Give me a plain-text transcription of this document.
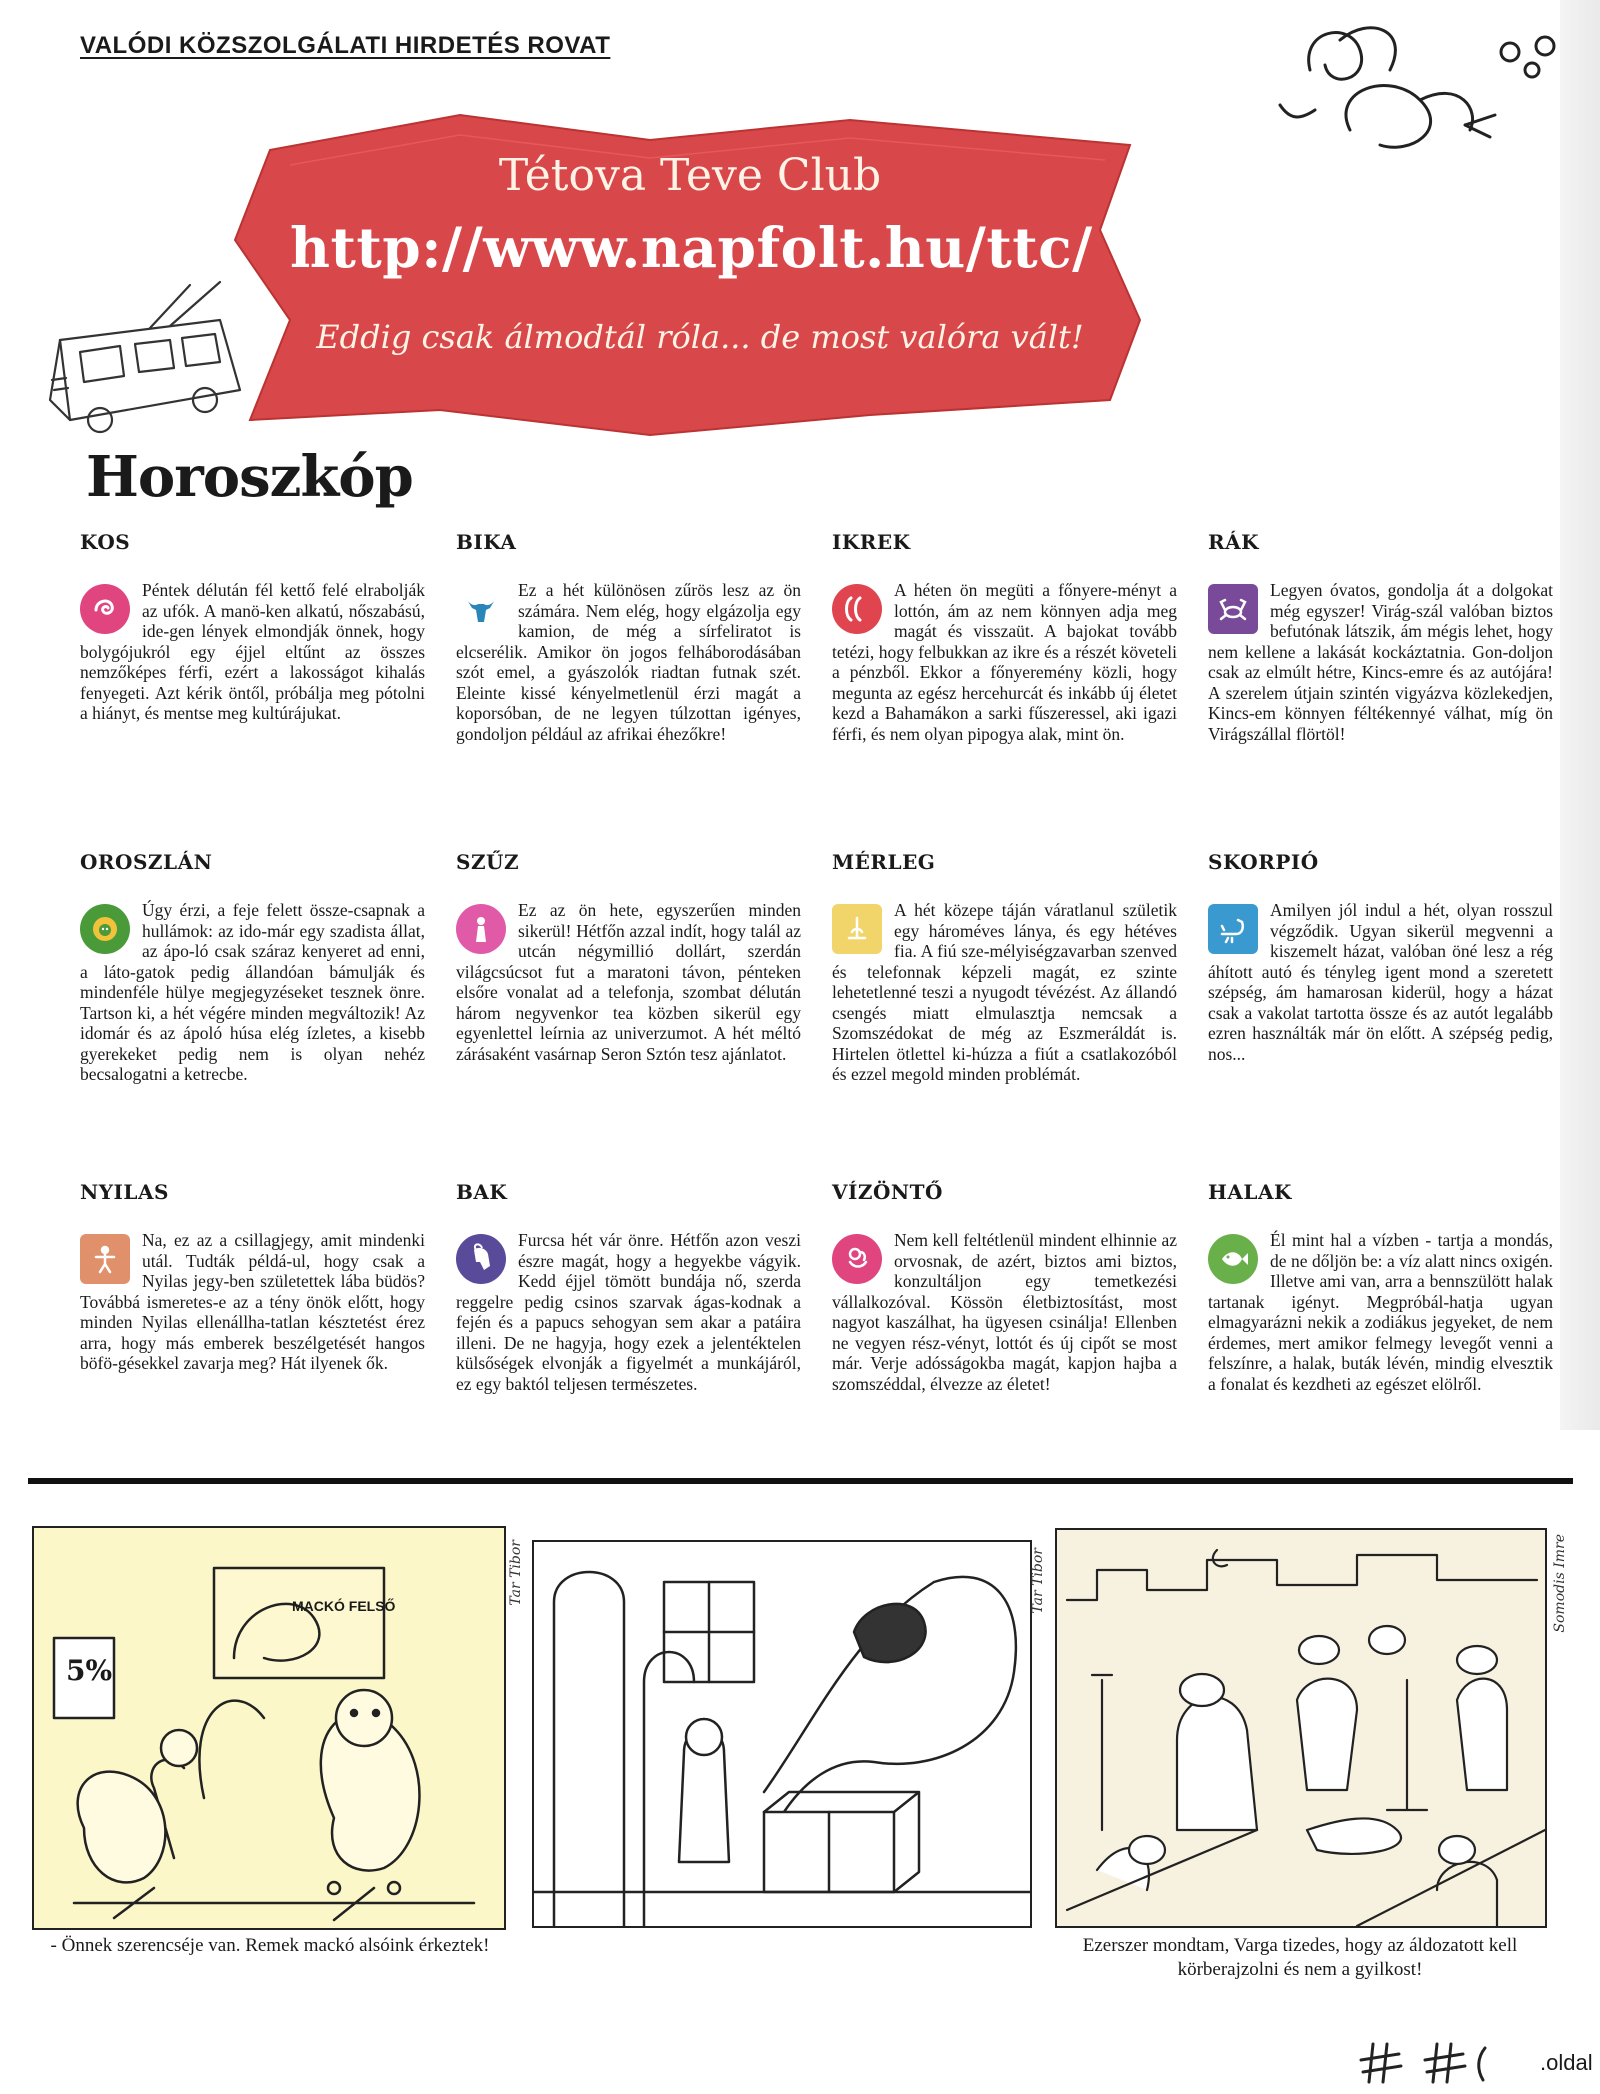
VALÓDI KÖZSZOLGÁLATI HIRDETÉS ROVAT
Tétova Teve Club
http://www.napfolt.hu/ttc/
Eddig csak álmodtál róla... de most valóra vált!
Horoszkóp
KOS
Péntek délután fél kettő felé elrabolják az ufók. A manö-ken alkatú, nőszabású, ide-gen lények elmondják önnek, hogy bolygójukról egy éjjel eltűnt az összes nemzőképes férfi, ezért a lakosságot kihalás fenyegeti. Azt kérik öntől, próbálja meg pótolni a hiányt, és mentse meg kultúrájukat.
BIKA
Ez a hét különösen zűrös lesz az ön számára. Nem elég, hogy elgázolja egy kamion, de még a sírfeliratot is elcserélik. Amikor ön jogos felháborodásában szót emel, a gyászolók riadtan futnak szét. Eleinte kissé kényelmetlenül érzi magát a koporsóban, de ne legyen túlzottan igényes, gondoljon például az afrikai éhezőkre!
IKREK
A héten ön megüti a főnyere-ményt a lottón, ám az nem könnyen adja meg magát és visszaüt. A bajokat tovább tetézi, hogy felbukkan az ikre és a részét követeli a pénzből. Ekkor a főnyeremény közli, hogy megunta az egész hercehurcát és inkább új életet kezd a Bahamákon a sarki fűszeressel, aki igazi férfi, és nem olyan pipogya alak, mint ön.
RÁK
Legyen óvatos, gondolja át a dolgokat még egyszer! Virág-szál valóban biztos befutónak látszik, ám mégis lehet, hogy nem kellene a lakását kockáztatnia. Gon-doljon csak az elmúlt hétre, Kincs-emre és az autójára! A szerelem útjain szintén vigyázva közlekedjen, Kincs-em könnyen féltékennyé válhat, míg ön Virágszállal flörtöl!
OROSZLÁN
Úgy érzi, a feje felett össze-csapnak a hullámok: az ido-már egy szadista állat, az ápo-ló csak száraz kenyeret ad enni, a láto-gatok pedig állandóan bámulják és mindenféle hülye megjegyzéseket tesznek önre. Tartson ki, a hét végére minden megváltozik! Az idomár és az ápoló húsa elég ízletes, a kisebb gyerekeket pedig nem is olyan nehéz becsalogatni a ketrecbe.
SZŰZ
Ez az ön hete, egyszerűen minden sikerül! Hétfőn azzal indít, hogy talál az utcán négymillió dollárt, szerdán világcsúcsot fut a maratoni távon, pénteken elsőre vonalat ad a telefonja, szombat délután három negyvenkor tea közben sikerül egy egyenlettel leírnia az univerzumot. A hét méltó zárásaként vasárnap Seron Sztón tesz ajánlatot.
MÉRLEG
A hét közepe táján váratlanul születik egy hároméves lánya, és egy hétéves fia. A fiú sze-mélyiségzavarban szenved és telefonnak képzeli magát, ez szinte lehetetlenné teszi a nyugodt tévézést. Az állandó csengés miatt elmulasztja nemcsak a Szomszédokat de még az Eszmeráldát is. Hirtelen ötlettel ki-húzza a fiút a csatlakozóból és ezzel megold minden problémát.
SKORPIÓ
Amilyen jól indul a hét, olyan rosszul végződik. Ugyan sikerül megvenni a kiszemelt házat, valóban öné lesz a rég áhított autó és tényleg igent mond a szeretett szépség, ám hamarosan kiderül, hogy a házat csak a vakolat tartotta össze és az autót legalább ezren használták már ön előtt. A szépség pedig, nos...
NYILAS
Na, ez az a csillagjegy, amit mindenki utál. Tudták példá-ul, hogy csak a Nyilas jegy-ben születettek lába büdös? Továbbá ismeretes-e az a tény önök előtt, hogy minden Nyilas ellenállha-tatlan késztetést érez arra, hogy más emberek beszélgetését hangos böfö-gésekkel zavarja meg? Hát ilyenek ők.
BAK
Furcsa hét vár önre. Hétfőn azon veszi észre magát, hogy a hegyekbe vágyik. Kedd éjjel tömött bundája nő, szerda reggelre pedig csinos szarvak ágas-kodnak a fején és a papucs sehogyan sem akar a patáira illeni. De ne hagyja, hogy ezek a jelentéktelen külsőségek elvonják a figyelmét a munkájáról, ez egy baktól teljesen természetes.
VÍZÖNTŐ
Nem kell feltétlenül mindent elhinnie az orvosnak, de azért, biztos ami biztos, konzultáljon egy temetkezési vállalkozóval. Kössön életbiztosítást, most nagyot kaszálhat, ha ügyesen csinálja! Ellenben ne vegyen rész-vényt, lottót és új cipőt se most már. Verje adósságokba magát, kapjon hajba a szomszéddal, élvezze az életet!
HALAK
Él mint hal a vízben - tartja a mondás, de ne dőljön be: a víz alatt nincs oxigén. Illetve ami van, arra a bennszülött halak tartanak igényt. Megpróbál-hatja ugyan elmagyarázni nekik a zodiákus jegyeket, de nem érdemes, mert amikor felmegy levegőt venni a felszínre, a halak, buták lévén, mindig elvesztik a fonalat és kezdheti az egészet elölről.
MACKÓ FELSŐ
5%
Tar Tibor
- Önnek szerencséje van. Remek mackó alsóink érkeztek!
Tar Tibor	Somodis Imre
Ezerszer mondtam, Varga tizedes, hogy az áldozatott kell körberajzolni és nem a gyilkost!
.oldal
